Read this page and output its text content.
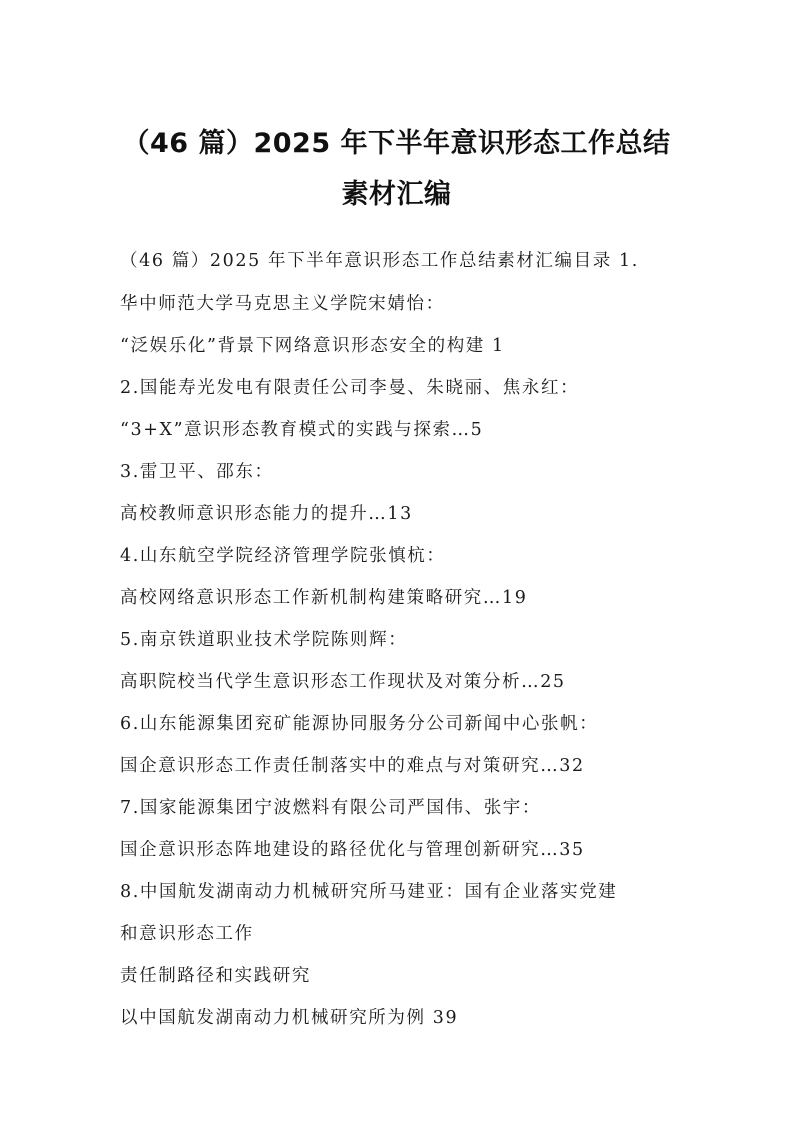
（46 篇）2025 年下半年意识形态工作总结
素材汇编
（46 篇）2025 年下半年意识形态工作总结素材汇编目录 1.
华中师范大学马克思主义学院宋婧怡：
“泛娱乐化”背景下网络意识形态安全的构建 1
2.国能寿光发电有限责任公司李曼、朱晓丽、焦永红：
“3+X”意识形态教育模式的实践与探索…5
3.雷卫平、邵东：
高校教师意识形态能力的提升…13
4.山东航空学院经济管理学院张慎杭：
高校网络意识形态工作新机制构建策略研究…19
5.南京铁道职业技术学院陈则辉：
高职院校当代学生意识形态工作现状及对策分析…25
6.山东能源集团兖矿能源协同服务分公司新闻中心张帆：
国企意识形态工作责任制落实中的难点与对策研究…32
7.国家能源集团宁波燃料有限公司严国伟、张宇：
国企意识形态阵地建设的路径优化与管理创新研究…35
8.中国航发湖南动力机械研究所马建亚：国有企业落实党建
和意识形态工作
责任制路径和实践研究
以中国航发湖南动力机械研究所为例 39
